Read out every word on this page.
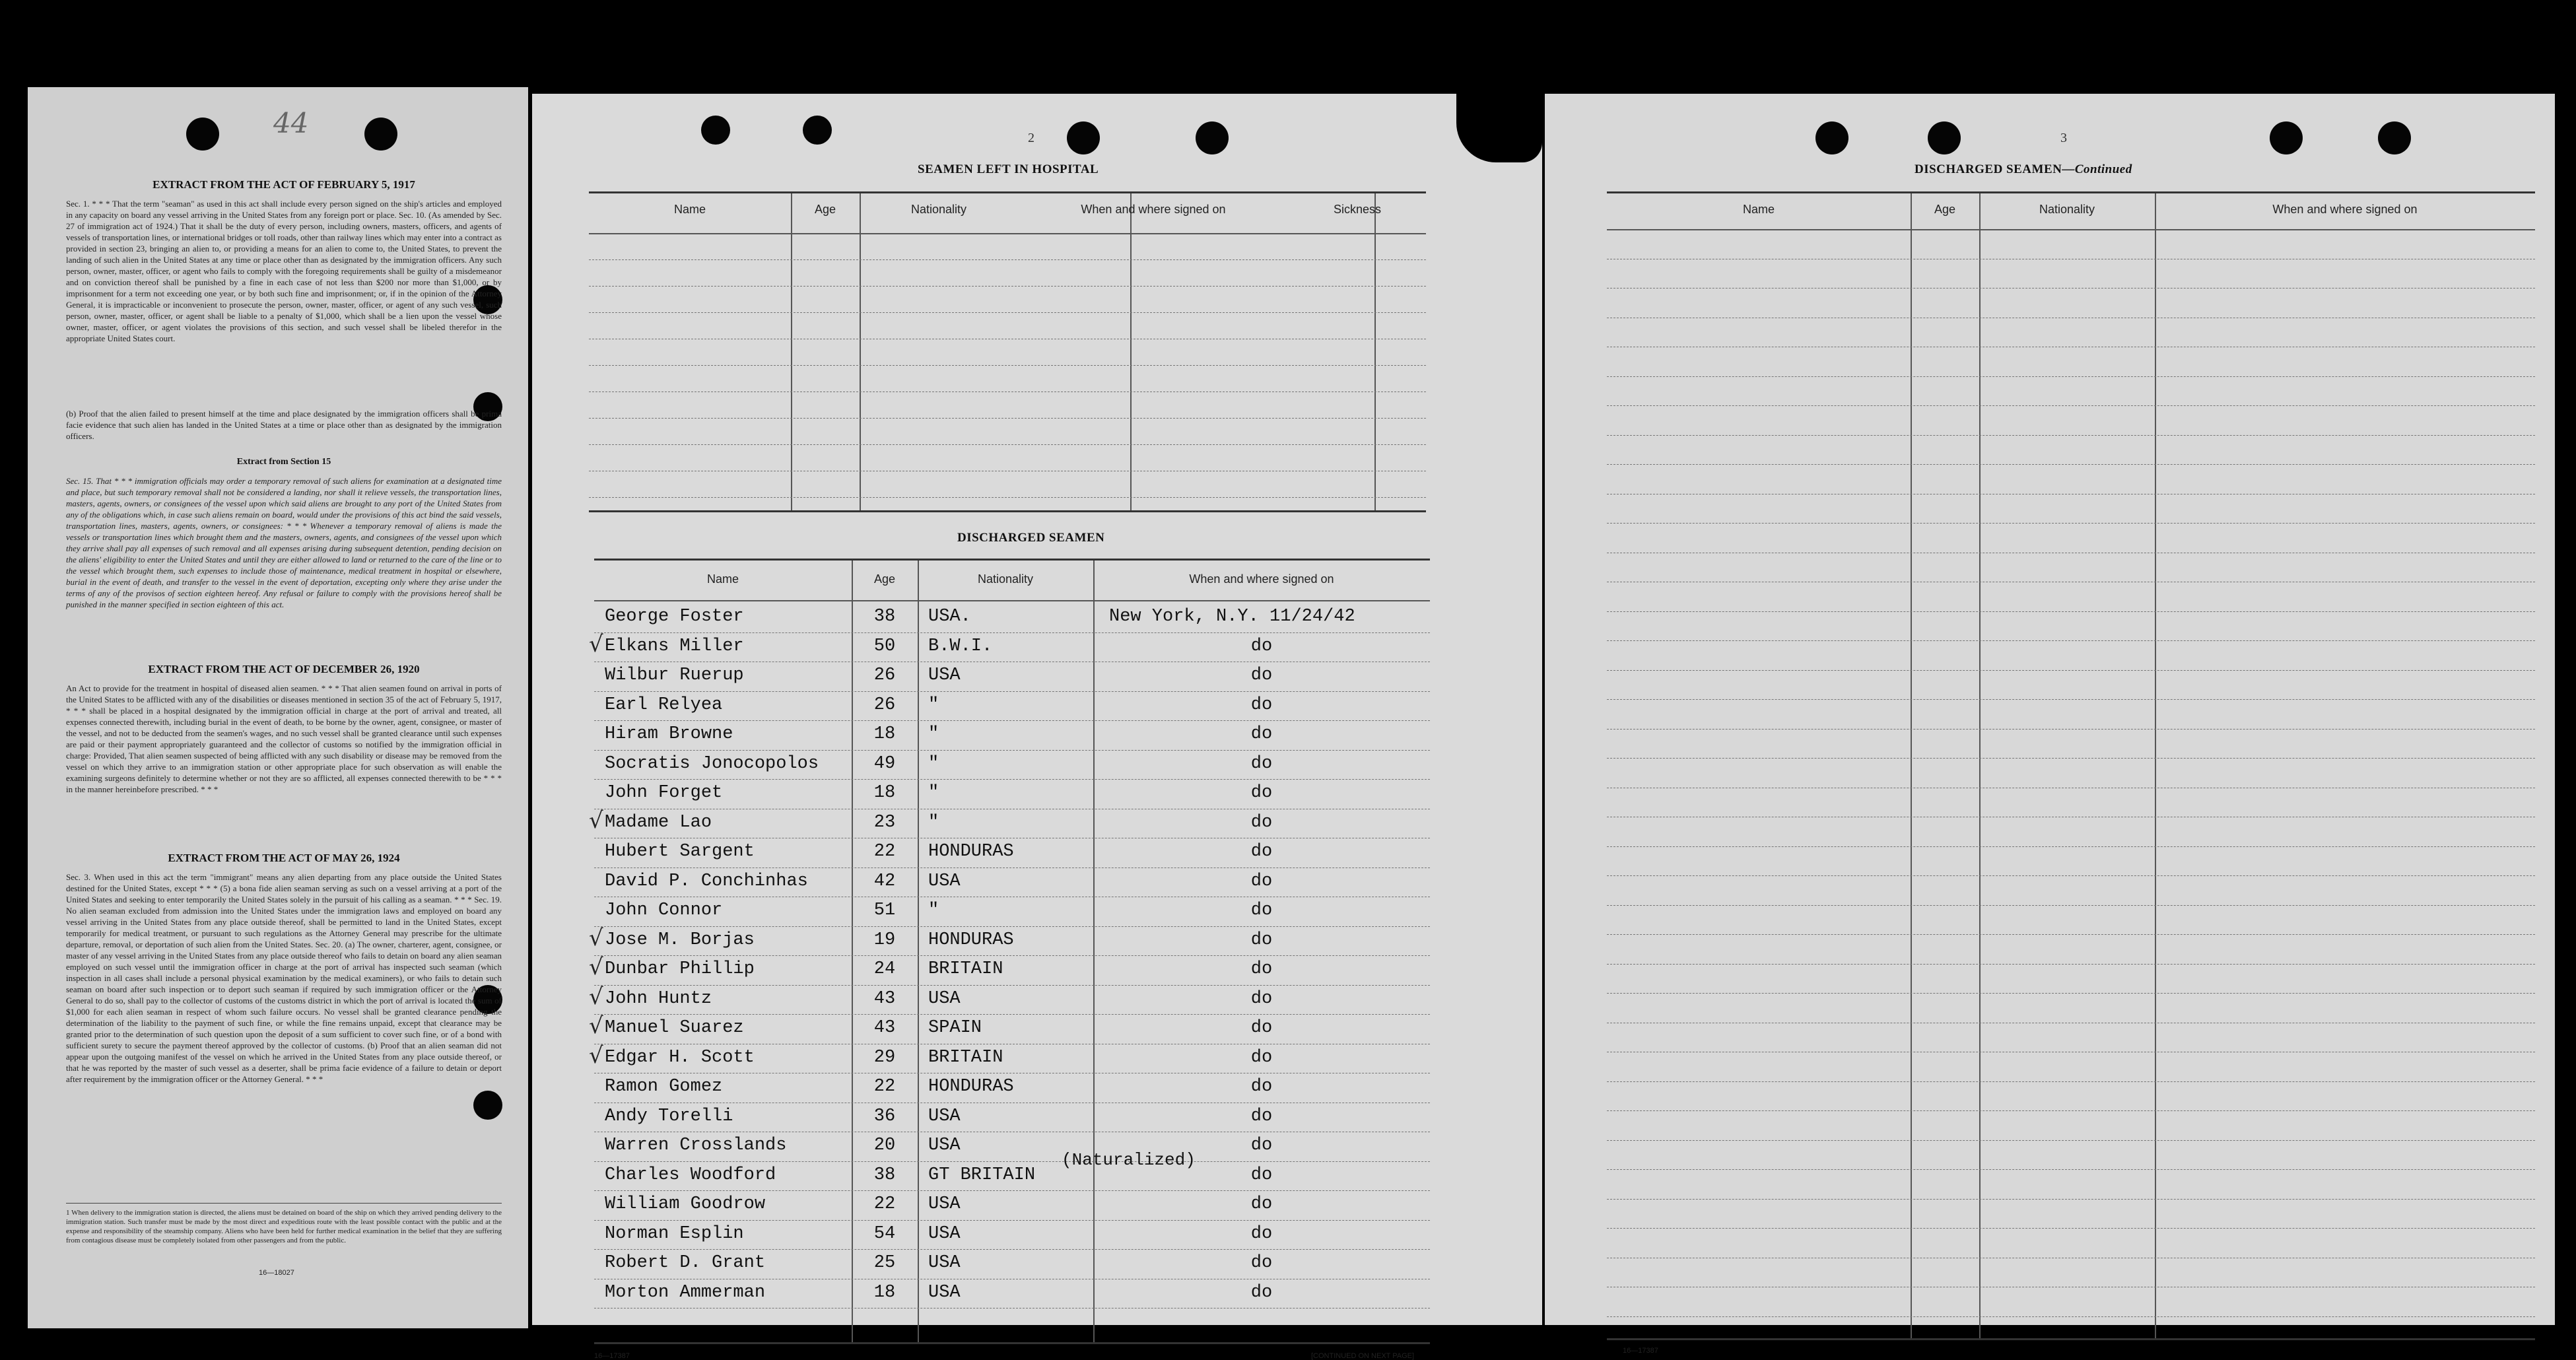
44
EXTRACT FROM THE ACT OF FEBRUARY 5, 1917
Sec. 1. * * * That the term "seaman" as used in this act shall include every person signed on the ship's articles and employed in any capacity on board any vessel arriving in the United States from any foreign port or place. Sec. 10. (As amended by Sec. 27 of immigration act of 1924.) That it shall be the duty of every person, including owners, masters, officers, and agents of vessels of transportation lines, or international bridges or toll roads, other than railway lines which may enter into a contract as provided in section 23, bringing an alien to, or providing a means for an alien to come to, the United States, to prevent the landing of such alien in the United States at any time or place other than as designated by the immigration officers. Any such person, owner, master, officer, or agent who fails to comply with the foregoing requirements shall be guilty of a misdemeanor and on conviction thereof shall be punished by a fine in each case of not less than $200 nor more than $1,000, or by imprisonment for a term not exceeding one year, or by both such fine and imprisonment; or, if in the opinion of the Attorney General, it is impracticable or inconvenient to prosecute the person, owner, master, officer, or agent of any such vessel, such person, owner, master, officer, or agent shall be liable to a penalty of $1,000, which shall be a lien upon the vessel whose owner, master, officer, or agent violates the provisions of this section, and such vessel shall be libeled therefor in the appropriate United States court.
(b) Proof that the alien failed to present himself at the time and place designated by the immigration officers shall be prima facie evidence that such alien has landed in the United States at a time or place other than as designated by the immigration officers.
Extract from Section 15
Sec. 15. That * * * immigration officials may order a temporary removal of such aliens for examination at a designated time and place, but such temporary removal shall not be considered a landing, nor shall it relieve vessels, the transportation lines, masters, agents, owners, or consignees of the vessel upon which said aliens are brought to any port of the United States from any of the obligations which, in case such aliens remain on board, would under the provisions of this act bind the said vessels, transportation lines, masters, agents, owners, or consignees: * * * Whenever a temporary removal of aliens is made the vessels or transportation lines which brought them and the masters, owners, agents, and consignees of the vessel upon which they arrive shall pay all expenses of such removal and all expenses arising during subsequent detention, pending decision on the aliens' eligibility to enter the United States and until they are either allowed to land or returned to the care of the line or to the vessel which brought them, such expenses to include those of maintenance, medical treatment in hospital or elsewhere, burial in the event of death, and transfer to the vessel in the event of deportation, excepting only where they arise under the terms of any of the provisos of section eighteen hereof. Any refusal or failure to comply with the provisions hereof shall be punished in the manner specified in section eighteen of this act.
EXTRACT FROM THE ACT OF DECEMBER 26, 1920
An Act to provide for the treatment in hospital of diseased alien seamen. * * * That alien seamen found on arrival in ports of the United States to be afflicted with any of the disabilities or diseases mentioned in section 35 of the act of February 5, 1917, * * * shall be placed in a hospital designated by the immigration official in charge at the port of arrival and treated, all expenses connected therewith, including burial in the event of death, to be borne by the owner, agent, consignee, or master of the vessel, and not to be deducted from the seamen's wages, and no such vessel shall be granted clearance until such expenses are paid or their payment appropriately guaranteed and the collector of customs so notified by the immigration official in charge: Provided, That alien seamen suspected of being afflicted with any such disability or disease may be removed from the vessel on which they arrive to an immigration station or other appropriate place for such observation as will enable the examining surgeons definitely to determine whether or not they are so afflicted, all expenses connected therewith to be * * * in the manner hereinbefore prescribed. * * *
EXTRACT FROM THE ACT OF MAY 26, 1924
Sec. 3. When used in this act the term "immigrant" means any alien departing from any place outside the United States destined for the United States, except * * * (5) a bona fide alien seaman serving as such on a vessel arriving at a port of the United States and seeking to enter temporarily the United States solely in the pursuit of his calling as a seaman. * * * Sec. 19. No alien seaman excluded from admission into the United States under the immigration laws and employed on board any vessel arriving in the United States from any place outside thereof, shall be permitted to land in the United States, except temporarily for medical treatment, or pursuant to such regulations as the Attorney General may prescribe for the ultimate departure, removal, or deportation of such alien from the United States. Sec. 20. (a) The owner, charterer, agent, consignee, or master of any vessel arriving in the United States from any place outside thereof who fails to detain on board any alien seaman employed on such vessel until the immigration officer in charge at the port of arrival has inspected such seaman (which inspection in all cases shall include a personal physical examination by the medical examiners), or who fails to detain such seaman on board after such inspection or to deport such seaman if required by such immigration officer or the Attorney General to do so, shall pay to the collector of customs of the customs district in which the port of arrival is located the sum of $1,000 for each alien seaman in respect of whom such failure occurs. No vessel shall be granted clearance pending the determination of the liability to the payment of such fine, or while the fine remains unpaid, except that clearance may be granted prior to the determination of such question upon the deposit of a sum sufficient to cover such fine, or of a bond with sufficient surety to secure the payment thereof approved by the collector of customs. (b) Proof that an alien seaman did not appear upon the outgoing manifest of the vessel on which he arrived in the United States from any place outside thereof, or that he was reported by the master of such vessel as a deserter, shall be prima facie evidence of a failure to detain or deport after requirement by the immigration officer or the Attorney General. * * *
1 When delivery to the immigration station is directed, the aliens must be detained on board of the ship on which they arrived pending delivery to the immigration station. Such transfer must be made by the most direct and expeditious route with the least possible contact with the public and at the expense and responsibility of the steamship company. Aliens who have been held for further medical examination in the belief that they are suffering from contagious disease must be completely isolated from other passengers and from the public.
16—18027
2
SEAMEN LEFT IN HOSPITAL
Name	Age	Nationality	When and where signed on	Sickness
DISCHARGED SEAMEN
Name	Age	Nationality	When and where signed on
George Foster	38	USA.	New York, N.Y. 11/24/42
Elkans Miller	50	B.W.I.	do
√
Wilbur Ruerup	26	USA	do
Earl Relyea	26	"	do
Hiram Browne	18	"	do
Socratis Jonocopolos	49	"	do
John Forget	18	"	do
Madame Lao	23	"	do
√
Hubert Sargent	22	HONDURAS	do
David P. Conchinhas	42	USA	do
John Connor	51	"	do
Jose M. Borjas	19	HONDURAS	do
√
Dunbar Phillip	24	BRITAIN	do
√
John Huntz	43	USA	do
√
Manuel Suarez	43	SPAIN	do
√
Edgar H. Scott	29	BRITAIN	do
√
Ramon Gomez	22	HONDURAS	do
Andy Torelli	36	USA	do
Warren Crosslands	20	USA	do
Charles Woodford	38	GT BRITAIN	do
William Goodrow	22	USA	do
Norman Esplin	54	USA	do
Robert D. Grant	25	USA	do
Morton Ammerman	18	USA	do
(Naturalized)
16—17387	[CONTINUED ON NEXT PAGE]
3
DISCHARGED SEAMEN—Continued
Name	Age	Nationality	When and where signed on
16—17387
